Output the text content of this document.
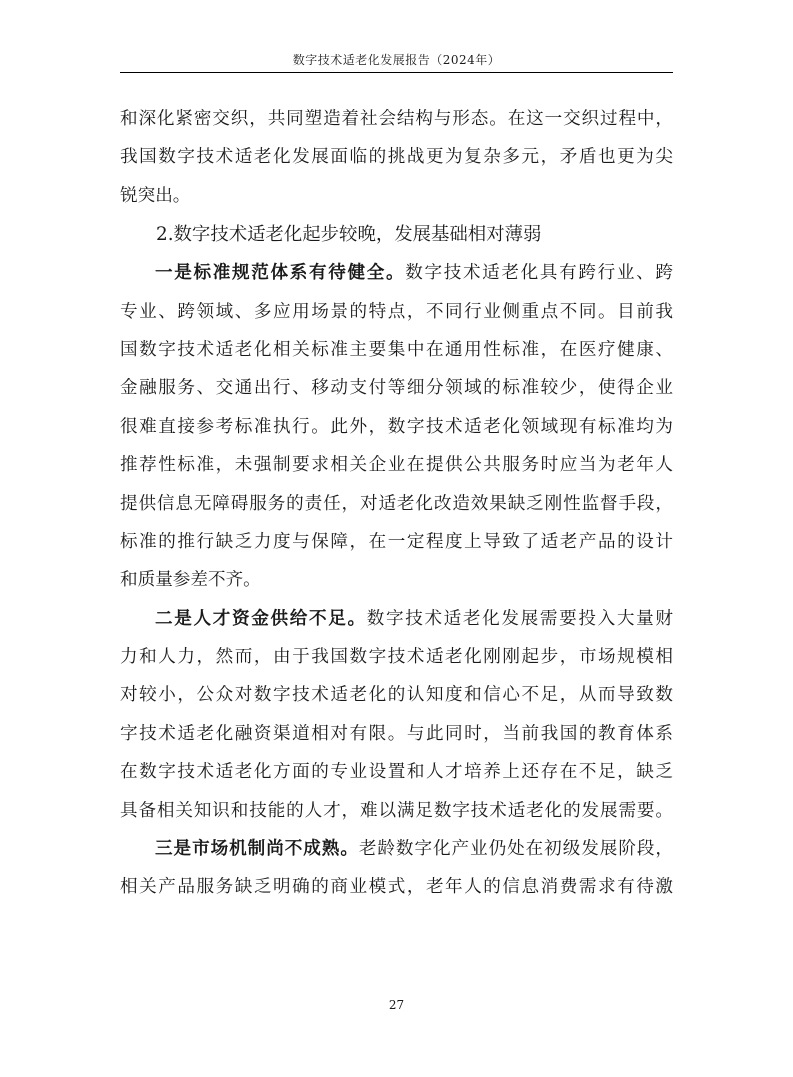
数字技术适老化发展报告（2024年）
和深化紧密交织，共同塑造着社会结构与形态。在这一交织过程中，
我国数字技术适老化发展面临的挑战更为复杂多元，矛盾也更为尖
锐突出。
2.数字技术适老化起步较晚，发展基础相对薄弱
一是标准规范体系有待健全。数字技术适老化具有跨行业、跨
专业、跨领域、多应用场景的特点，不同行业侧重点不同。目前我
国数字技术适老化相关标准主要集中在通用性标准，在医疗健康、
金融服务、交通出行、移动支付等细分领域的标准较少，使得企业
很难直接参考标准执行。此外，数字技术适老化领域现有标准均为
推荐性标准，未强制要求相关企业在提供公共服务时应当为老年人
提供信息无障碍服务的责任，对适老化改造效果缺乏刚性监督手段，
标准的推行缺乏力度与保障，在一定程度上导致了适老产品的设计
和质量参差不齐。
二是人才资金供给不足。数字技术适老化发展需要投入大量财
力和人力，然而，由于我国数字技术适老化刚刚起步，市场规模相
对较小，公众对数字技术适老化的认知度和信心不足，从而导致数
字技术适老化融资渠道相对有限。与此同时，当前我国的教育体系
在数字技术适老化方面的专业设置和人才培养上还存在不足，缺乏
具备相关知识和技能的人才，难以满足数字技术适老化的发展需要。
三是市场机制尚不成熟。老龄数字化产业仍处在初级发展阶段，
相关产品服务缺乏明确的商业模式，老年人的信息消费需求有待激
27
